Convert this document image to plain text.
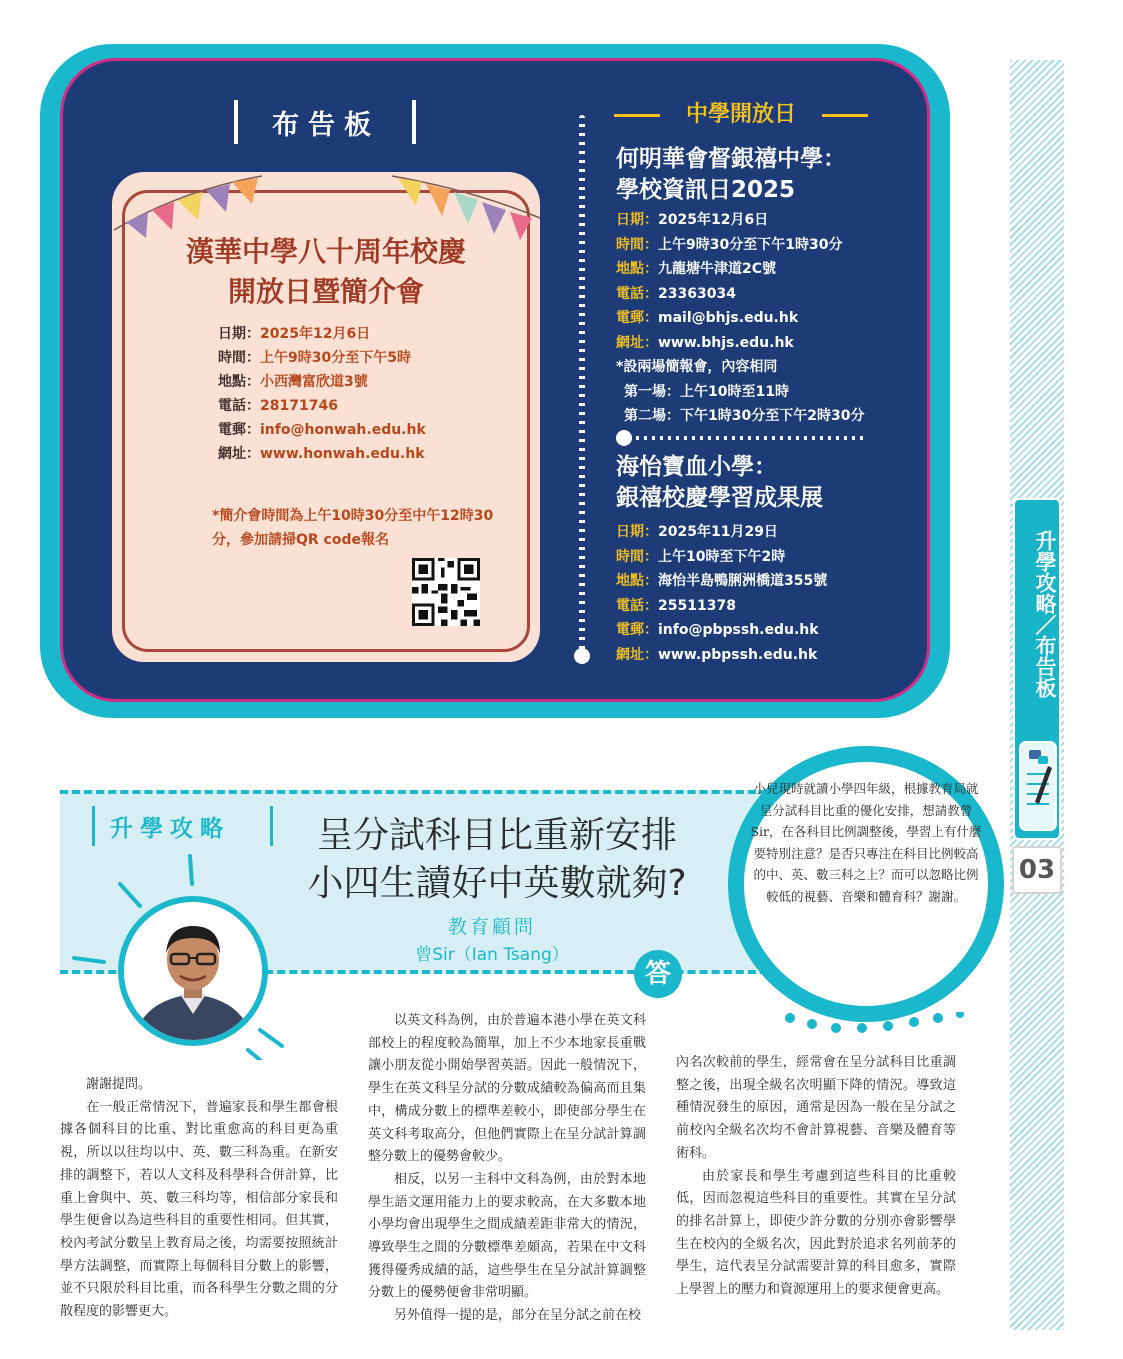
升學攻略／布告板
03
布告板
漢華中學八十周年校慶
開放日暨簡介會
日期：2025年12月6日
時間：上午9時30分至下午5時
地點：小西灣富欣道3號
電話：28171746
電郵：info@honwah.edu.hk
網址：www.honwah.edu.hk
*簡介會時間為上午10時30分至中午12時30分，參加請掃QR code報名
中學開放日
何明華會督銀禧中學：
學校資訊日2025
日期：2025年12月6日
時間：上午9時30分至下午1時30分
地點：九龍塘牛津道2C號
電話：23363034
電郵：mail@bhjs.edu.hk
網址：www.bhjs.edu.hk
*設兩場簡報會，內容相同
第一場：上午10時至11時
第二場：下午1時30分至下午2時30分
海怡寶血小學：
銀禧校慶學習成果展
日期：2025年11月29日
時間：上午10時至下午2時
地點：海怡半島鴨脷洲橋道355號
電話：25511378
電郵：info@pbpssh.edu.hk
網址：www.pbpssh.edu.hk
升學攻略	呈分試科目比重新安排
小四生讀好中英數就夠?
教育顧問
曾Sir（Ian Tsang）
小兒現時就讀小學四年級，根據教育局就呈分試科目比重的優化安排，想請教曾Sir，在各科目比例調整後，學習上有什麼要特別注意？是否只專注在科目比例較高的中、英、數三科之上？而可以忽略比例較低的視藝、音樂和體育科？謝謝。
答

謝謝提問。

在一般正常情況下，普遍家長和學生都會根據各個科目的比重、對比重愈高的科目更為重視，所以以往均以中、英、數三科為重。在新安排的調整下，若以人文科及科學科合併計算，比重上會與中、英、數三科均等，相信部分家長和學生便會以為這些科目的重要性相同。但其實，校內考試分數呈上教育局之後，均需要按照統計學方法調整，而實際上每個科目分數上的影響，並不只限於科目比重，而各科學生分數之間的分散程度的影響更大。

以英文科為例，由於普遍本港小學在英文科部校上的程度較為簡單，加上不少本地家長重戰讓小朋友從小開始學習英語。因此一般情況下，學生在英文科呈分試的分數成績較為偏高而且集中，構成分數上的標準差較小，即使部分學生在英文科考取高分，但他們實際上在呈分試計算調整分數上的優勢會較少。

相反，以另一主科中文科為例，由於對本地學生語文運用能力上的要求較高，在大多數本地小學均會出現學生之間成績差距非常大的情況，導致學生之間的分數標準差頗高，若果在中文科獲得優秀成績的話，這些學生在呈分試計算調整分數上的優勢便會非常明顯。

另外值得一提的是，部分在呈分試之前在校

內名次較前的學生，經常會在呈分試科目比重調整之後，出現全級名次明顯下降的情況。導致這種情況發生的原因，通常是因為一般在呈分試之前校內全級名次均不會計算視藝、音樂及體育等術科。

由於家長和學生考慮到這些科目的比重較低，因而忽視這些科目的重要性。其實在呈分試的排名計算上，即使少許分數的分別亦會影響學生在校內的全級名次，因此對於追求名列前茅的學生，這代表呈分試需要計算的科目愈多，實際上學習上的壓力和資源運用上的要求便會更高。
